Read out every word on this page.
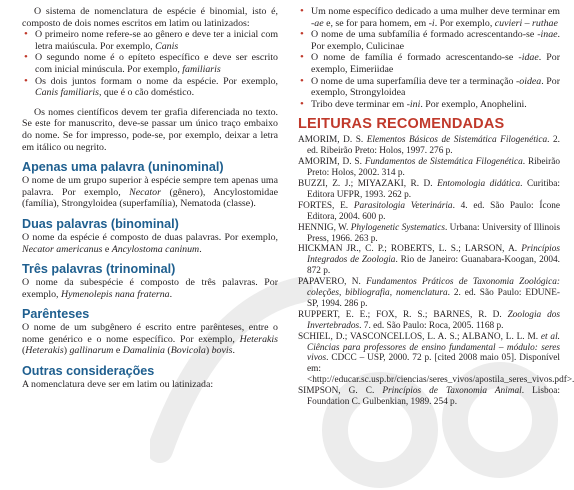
O sistema de nomenclatura de espécie é binomial, isto é, composto de dois nomes escritos em latim ou latinizados:

• O primeiro nome refere-se ao gênero e deve ter a inicial com letra maiúscula. Por exemplo, Canis
• O segundo nome é o epíteto específico e deve ser escrito com inicial minúscula. Por exemplo, familiaris
• Os dois juntos formam o nome da espécie. Por exemplo, Canis familiaris, que é o cão doméstico.

Os nomes científicos devem ter grafia diferenciada no texto. Se este for manuscrito, deve-se passar um único traço embaixo do nome. Se for impresso, pode-se, por exemplo, deixar a letra em itálico ou negrito.

Apenas uma palavra (uninominal)

O nome de um grupo superior à espécie sempre tem apenas uma palavra. Por exemplo, Necator (gênero), Ancylostomidae (família), Strongyloidea (superfamília), Nematoda (classe).

Duas palavras (binominal)

O nome da espécie é composto de duas palavras. Por exemplo, Necator americanus e Ancylostoma caninum.

Três palavras (trinominal)

O nome da subespécie é composto de três palavras. Por exemplo, Hymenolepis nana fraterna.

Parênteses

O nome de um subgênero é escrito entre parênteses, entre o nome genérico e o nome específico. Por exemplo, Heterakis (Heterakis) gallinarum e Damalinia (Bovicola) bovis.

Outras considerações

A nomenclatura deve ser em latim ou latinizada:

• Um nome específico dedicado a uma mulher deve terminar em -ae e, se for para homem, em -i. Por exemplo, cuvieri – ruthae
• O nome de uma subfamília é formado acrescentando-se -inae. Por exemplo, Culicinae
• O nome de família é formado acrescentando-se -idae. Por exemplo, Eimeriidae
• O nome de uma superfamília deve ter a terminação -oidea. Por exemplo, Strongyloidea
• Tribo deve terminar em -ini. Por exemplo, Anophelini.
LEITURAS RECOMENDADAS

AMORIM, D. S. Elementos Básicos de Sistemática Filogenética. 2. ed. Ribeirão Preto: Holos, 1997. 276 p.

AMORIM, D. S. Fundamentos de Sistemática Filogenética. Ribeirão Preto: Holos, 2002. 314 p.

BUZZI, Z. J.; MIYAZAKI, R. D. Entomologia didática. Curitiba: Editora UFPR, 1993. 262 p.

FORTES, E. Parasitologia Veterinária. 4. ed. São Paulo: Ícone Editora, 2004. 600 p.

HENNIG, W. Phylogenetic Systematics. Urbana: University of Illinois Press, 1966. 263 p.

HICKMAN JR., C. P.; ROBERTS, L. S.; LARSON, A. Princípios Integrados de Zoologia. Rio de Janeiro: Guanabara-Koogan, 2004. 872 p.

PAPAVERO, N. Fundamentos Práticos de Taxonomia Zoológica: coleções, bibliografia, nomenclatura. 2. ed. São Paulo: EDUNE-SP, 1994. 286 p.

RUPPERT, E. E.; FOX, R. S.; BARNES, R. D. Zoologia dos Invertebrados. 7. ed. São Paulo: Roca, 2005. 1168 p.

SCHIEL, D.; VASCONCELLOS, L. A. S.; ALBANO, L. L. M. et al. Ciências para professores de ensino fundamental – módulo: seres vivos. CDCC – USP, 2000. 72 p. [cited 2008 maio 05]. Disponível em: <http://educar.sc.usp.br/ciencias/seres_vivos/apostila_seres_vivos.pdf>.

SIMPSON, G. C. Princípios de Taxonomia Animal. Lisboa: Foundation C. Gulbenkian, 1989. 254 p.
